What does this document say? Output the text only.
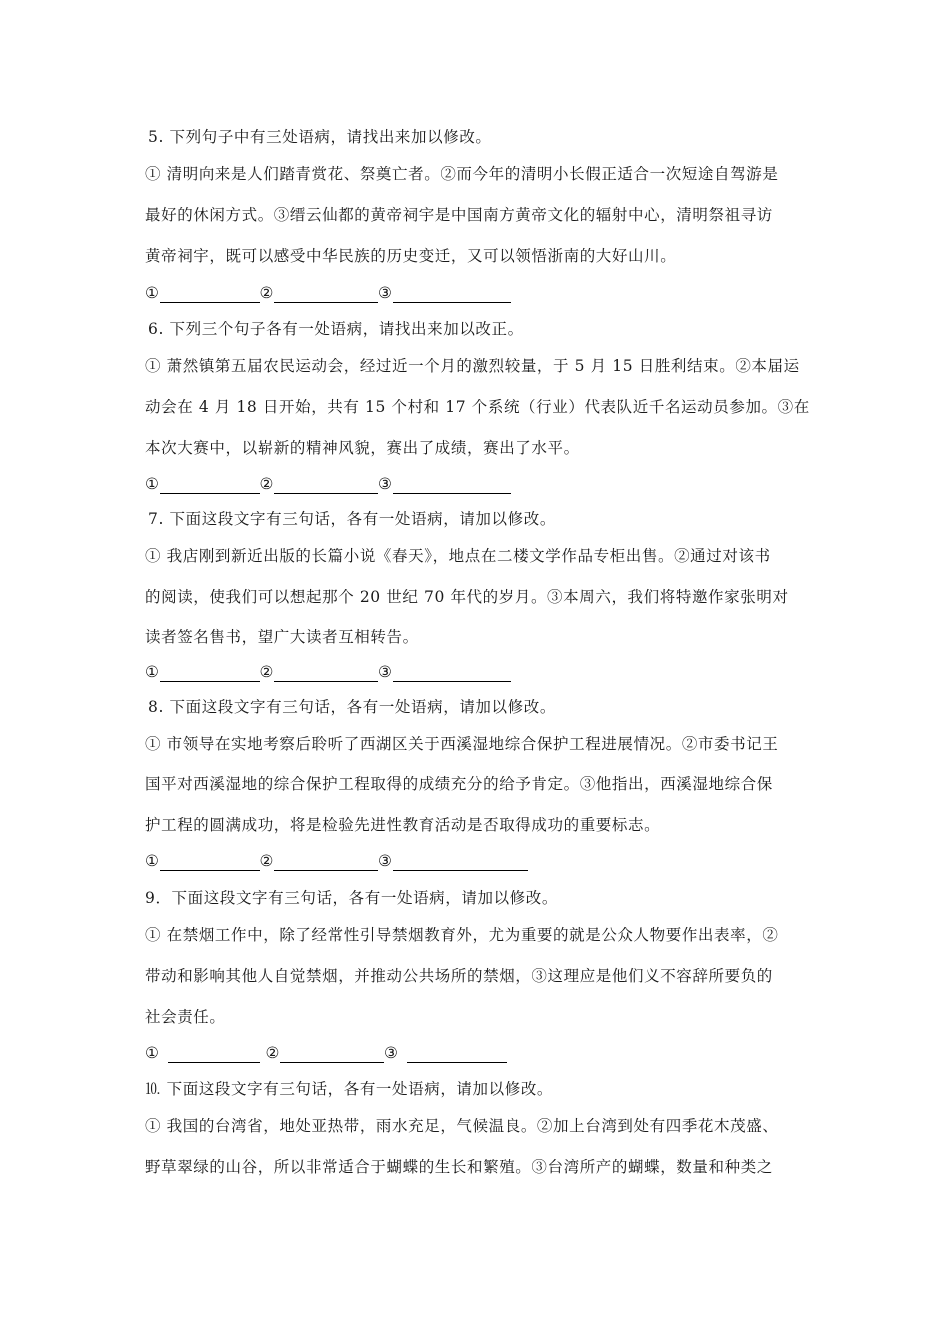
5. 下列句子中有三处语病，请找出来加以修改。
① 清明向来是人们踏青赏花、祭奠亡者。②而今年的清明小长假正适合一次短途自驾游是
最好的休闲方式。③缙云仙都的黄帝祠宇是中国南方黄帝文化的辐射中心，清明祭祖寻访
黄帝祠宇，既可以感受中华民族的历史变迁，又可以领悟浙南的大好山川。
①	②	③
6. 下列三个句子各有一处语病，请找出来加以改正。
① 萧然镇第五届农民运动会，经过近一个月的激烈较量，于 5 月 15 日胜利结束。②本届运
动会在 4 月 18 日开始，共有 15 个村和 17 个系统（行业）代表队近千名运动员参加。③在
本次大赛中，以崭新的精神风貌，赛出了成绩，赛出了水平。
①	②	③
7. 下面这段文字有三句话，各有一处语病，请加以修改。
① 我店刚到新近出版的长篇小说《春天》，地点在二楼文学作品专柜出售。②通过对该书
的阅读，使我们可以想起那个 20 世纪 70 年代的岁月。③本周六，我们将特邀作家张明对
读者签名售书，望广大读者互相转告。
①	②	③
8. 下面这段文字有三句话，各有一处语病，请加以修改。
① 市领导在实地考察后聆听了西湖区关于西溪湿地综合保护工程进展情况。②市委书记王
国平对西溪湿地的综合保护工程取得的成绩充分的给予肯定。③他指出，西溪湿地综合保
护工程的圆满成功，将是检验先进性教育活动是否取得成功的重要标志。
①	②	③
9．下面这段文字有三句话，各有一处语病，请加以修改。
① 在禁烟工作中，除了经常性引导禁烟教育外，尤为重要的就是公众人物要作出表率，②
带动和影响其他人自觉禁烟，并推动公共场所的禁烟，③这理应是他们义不容辞所要负的
社会责任。
①	②	③
⒑ 下面这段文字有三句话，各有一处语病，请加以修改。
① 我国的台湾省，地处亚热带，雨水充足，气候温良。②加上台湾到处有四季花木茂盛、
野草翠绿的山谷，所以非常适合于蝴蝶的生长和繁殖。③台湾所产的蝴蝶，数量和种类之
